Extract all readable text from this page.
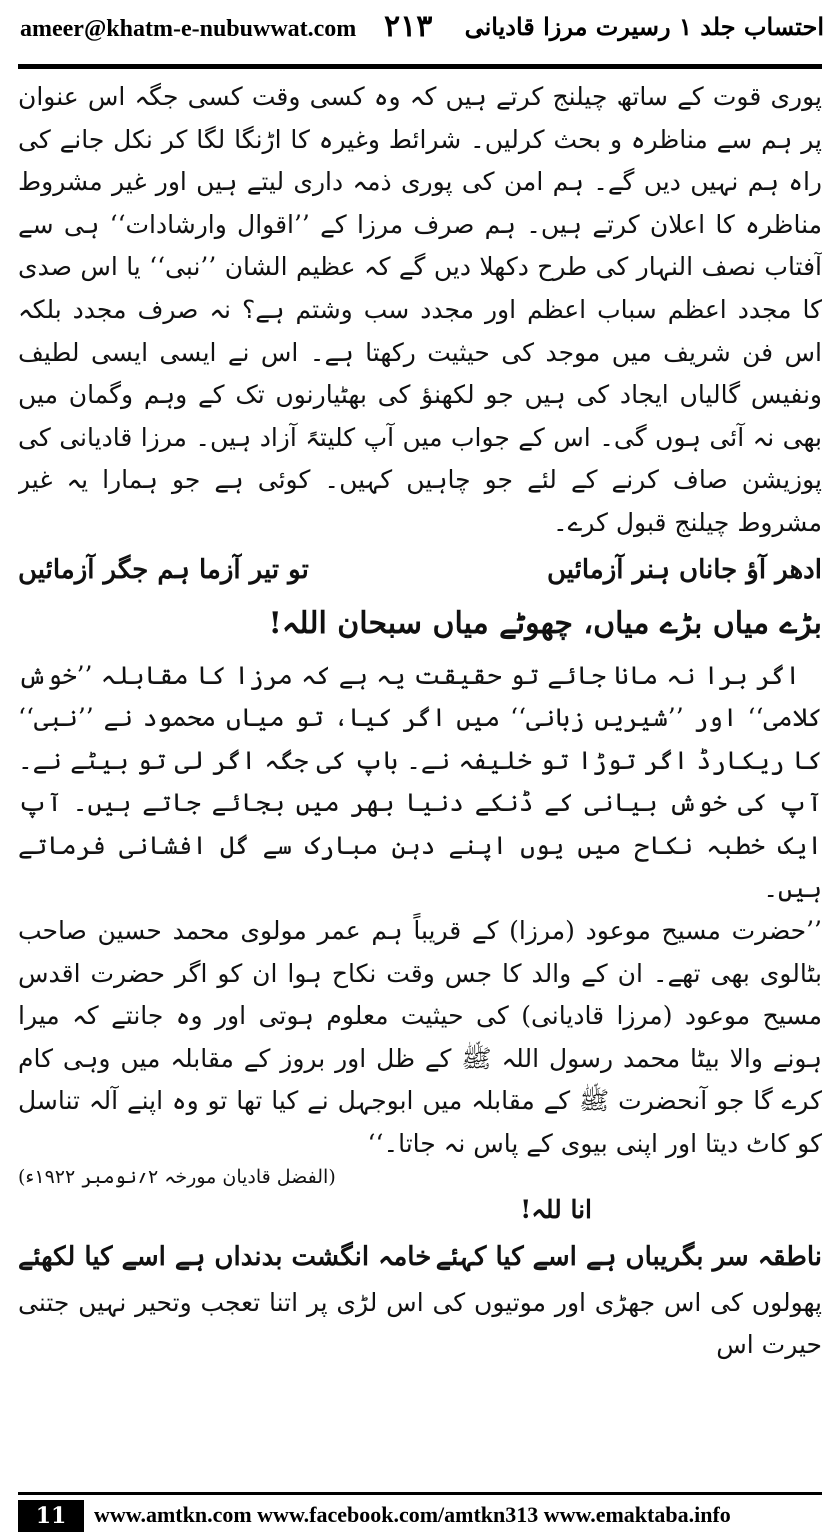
ameer@khatm-e-nubuwwat.com ۲۱۳ احتساب جلد ۱ رسیرت مرزا قادیانی

پوری قوت کے ساتھ چیلنج کرتے ہیں کہ وہ کسی وقت کسی جگہ اس عنوان پر ہم سے مناظرہ و بحث کرلیں۔ شرائط وغیرہ کا اڑنگا لگا کر نکل جانے کی راہ ہم نہیں دیں گے۔ ہم امن کی پوری ذمہ داری لیتے ہیں اور غیر مشروط مناظرہ کا اعلان کرتے ہیں۔ ہم صرف مرزا کے ’’اقوال وارشادات‘‘ ہی سے آفتاب نصف النہار کی طرح دکھلا دیں گے کہ عظیم الشان ’’نبی‘‘ یا اس صدی کا مجدد اعظم سباب اعظم اور مجدد سب وشتم ہے؟ نہ صرف مجدد بلکہ اس فن شریف میں موجد کی حیثیت رکھتا ہے۔ اس نے ایسی ایسی لطیف ونفیس گالیاں ایجاد کی ہیں جو لکھنؤ کی بھٹیارنوں تک کے وہم وگمان میں بھی نہ آئی ہوں گی۔ اس کے جواب میں آپ کلیتہً آزاد ہیں۔ مرزا قادیانی کی پوزیشن صاف کرنے کے لئے جو چاہیں کہیں۔ کوئی ہے جو ہمارا یہ غیر مشروط چیلنج قبول کرے۔

ادھر آؤ جاناں ہنر آزمائیں
تو تیر آزما ہم جگر آزمائیں

بڑے میاں بڑے میاں، چھوٹے میاں سبحان اللہ!

اگر برا نہ مانا جائے تو حقیقت یہ ہے کہ مرزا کا مقابلہ ’’خوش کلامی‘‘ اور ’’شیریں زبانی‘‘ میں اگر کیا، تو میاں محمود نے ’’نبی‘‘ کا ریکارڈ اگر توڑا تو خلیفہ نے۔ باپ کی جگہ اگر لی تو بیٹے نے۔ آپ کی خوش بیانی کے ڈنکے دنیا بھر میں بجائے جاتے ہیں۔ آپ ایک خطبہ نکاح میں یوں اپنے دہن مبارک سے گل افشانی فرماتے ہیں۔

’’حضرت مسیح موعود (مرزا) کے قریباً ہم عمر مولوی محمد حسین صاحب بٹالوی بھی تھے۔ ان کے والد کا جس وقت نکاح ہوا ان کو اگر حضرت اقدس مسیح موعود (مرزا قادیانی) کی حیثیت معلوم ہوتی اور وہ جانتے کہ میرا ہونے والا بیٹا محمد رسول اللہ ﷺ کے ظل اور بروز کے مقابلہ میں وہی کام کرے گا جو آنحضرت ﷺ کے مقابلہ میں ابوجہل نے کیا تھا تو وہ اپنے آلہ تناسل کو کاٹ دیتا اور اپنی بیوی کے پاس نہ جاتا۔‘‘

(الفضل قادیان مورخہ ۲؍نومبر ۱۹۲۲ء)

انا للہ!

ناطقہ سر بگریباں ہے اسے کیا کہئے
خامہ انگشت بدنداں ہے اسے کیا لکھئے

پھولوں کی اس جھڑی اور موتیوں کی اس لڑی پر اتنا تعجب وتحیر نہیں جتنی حیرت اس

11	www.amtkn.com www.facebook.com/amtkn313 www.emaktaba.info
